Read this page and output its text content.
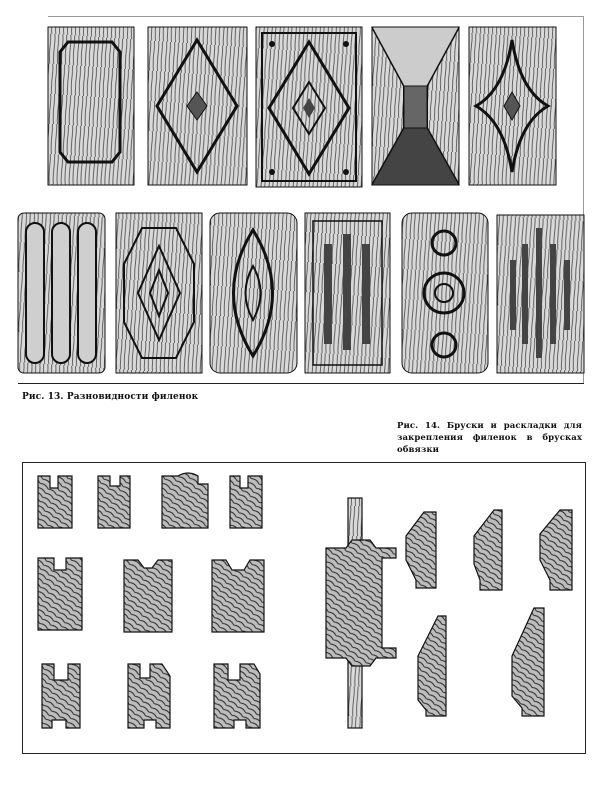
Рис. 13. Разновидности филенок
Рис. 14. Бруски и раскладки для закрепления филенок в брусках обвязки
